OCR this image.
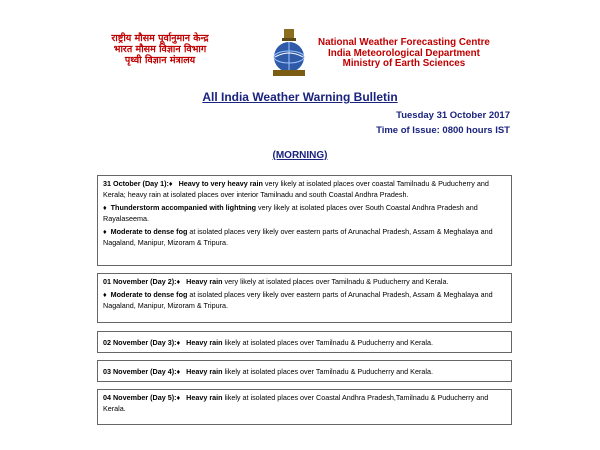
राष्ट्रीय मौसम पूर्वानुमान केन्द्र
भारत मौसम विज्ञान विभाग
पृथ्वी विज्ञान मंत्रालय
National Weather Forecasting Centre
India Meteorological Department
Ministry of Earth Sciences
All India Weather Warning Bulletin
Tuesday 31 October 2017
Time of Issue: 0800 hours IST
(MORNING)

31 October (Day 1):♦ Heavy to very heavy rain very likely at isolated places over coastal Tamilnadu & Puducherry and Kerala; heavy rain at isolated places over interior Tamilnadu and south Coastal Andhra Pradesh.

♦ Thunderstorm accompanied with lightning very likely at isolated places over South Coastal Andhra Pradesh and Rayalaseema.

♦ Moderate to dense fog at isolated places very likely over eastern parts of Arunachal Pradesh, Assam & Meghalaya and Nagaland, Manipur, Mizoram & Tripura.

01 November (Day 2):♦ Heavy rain very likely at isolated places over Tamilnadu & Puducherry and Kerala.

♦ Moderate to dense fog at isolated places very likely over eastern parts of Arunachal Pradesh, Assam & Meghalaya and Nagaland, Manipur, Mizoram & Tripura.

02 November (Day 3):♦ Heavy rain likely at isolated places over Tamilnadu & Puducherry and Kerala.

03 November (Day 4):♦ Heavy rain likely at isolated places over Tamilnadu & Puducherry and Kerala.

04 November (Day 5):♦ Heavy rain likely at isolated places over Coastal Andhra Pradesh,Tamilnadu & Puducherry and Kerala.
